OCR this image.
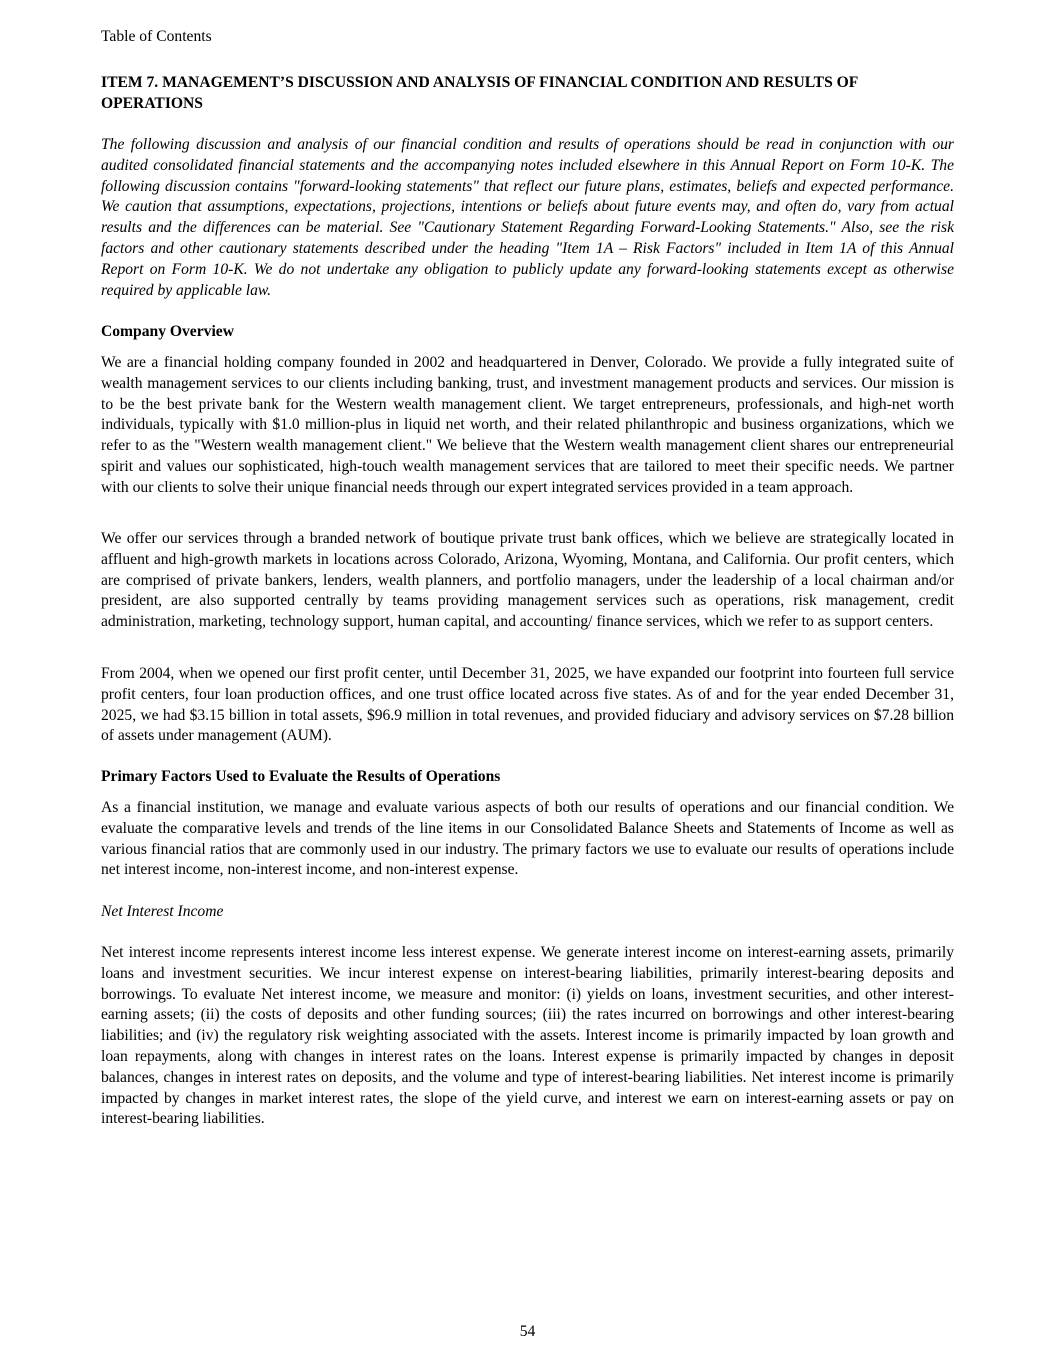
Table of Contents
ITEM 7. MANAGEMENT’S DISCUSSION AND ANALYSIS OF FINANCIAL CONDITION AND RESULTS OF OPERATIONS

The following discussion and analysis of our financial condition and results of operations should be read in conjunction with our audited consolidated financial statements and the accompanying notes included elsewhere in this Annual Report on Form 10-K. The following discussion contains "forward-looking statements" that reflect our future plans, estimates, beliefs and expected performance. We caution that assumptions, expectations, projections, intentions or beliefs about future events may, and often do, vary from actual results and the differences can be material. See "Cautionary Statement Regarding Forward-Looking Statements." Also, see the risk factors and other cautionary statements described under the heading "Item 1A – Risk Factors" included in Item 1A of this Annual Report on Form 10-K. We do not undertake any obligation to publicly update any forward-looking statements except as otherwise required by applicable law.

Company Overview

We are a financial holding company founded in 2002 and headquartered in Denver, Colorado. We provide a fully integrated suite of wealth management services to our clients including banking, trust, and investment management products and services. Our mission is to be the best private bank for the Western wealth management client. We target entrepreneurs, professionals, and high-net worth individuals, typically with $1.0 million-plus in liquid net worth, and their related philanthropic and business organizations, which we refer to as the "Western wealth management client." We believe that the Western wealth management client shares our entrepreneurial spirit and values our sophisticated, high-touch wealth management services that are tailored to meet their specific needs. We partner with our clients to solve their unique financial needs through our expert integrated services provided in a team approach.

We offer our services through a branded network of boutique private trust bank offices, which we believe are strategically located in affluent and high-growth markets in locations across Colorado, Arizona, Wyoming, Montana, and California. Our profit centers, which are comprised of private bankers, lenders, wealth planners, and portfolio managers, under the leadership of a local chairman and/or president, are also supported centrally by teams providing management services such as operations, risk management, credit administration, marketing, technology support, human capital, and accounting/ finance services, which we refer to as support centers.

From 2004, when we opened our first profit center, until December 31, 2025, we have expanded our footprint into fourteen full service profit centers, four loan production offices, and one trust office located across five states. As of and for the year ended December 31, 2025, we had $3.15 billion in total assets, $96.9 million in total revenues, and provided fiduciary and advisory services on $7.28 billion of assets under management (AUM).

Primary Factors Used to Evaluate the Results of Operations

As a financial institution, we manage and evaluate various aspects of both our results of operations and our financial condition. We evaluate the comparative levels and trends of the line items in our Consolidated Balance Sheets and Statements of Income as well as various financial ratios that are commonly used in our industry. The primary factors we use to evaluate our results of operations include net interest income, non-interest income, and non-interest expense.

Net Interest Income

Net interest income represents interest income less interest expense. We generate interest income on interest-earning assets, primarily loans and investment securities. We incur interest expense on interest-bearing liabilities, primarily interest-bearing deposits and borrowings. To evaluate Net interest income, we measure and monitor: (i) yields on loans, investment securities, and other interest-earning assets; (ii) the costs of deposits and other funding sources; (iii) the rates incurred on borrowings and other interest-bearing liabilities; and (iv) the regulatory risk weighting associated with the assets. Interest income is primarily impacted by loan growth and loan repayments, along with changes in interest rates on the loans. Interest expense is primarily impacted by changes in deposit balances, changes in interest rates on deposits, and the volume and type of interest-bearing liabilities. Net interest income is primarily impacted by changes in market interest rates, the slope of the yield curve, and interest we earn on interest-earning assets or pay on interest-bearing liabilities.

54
